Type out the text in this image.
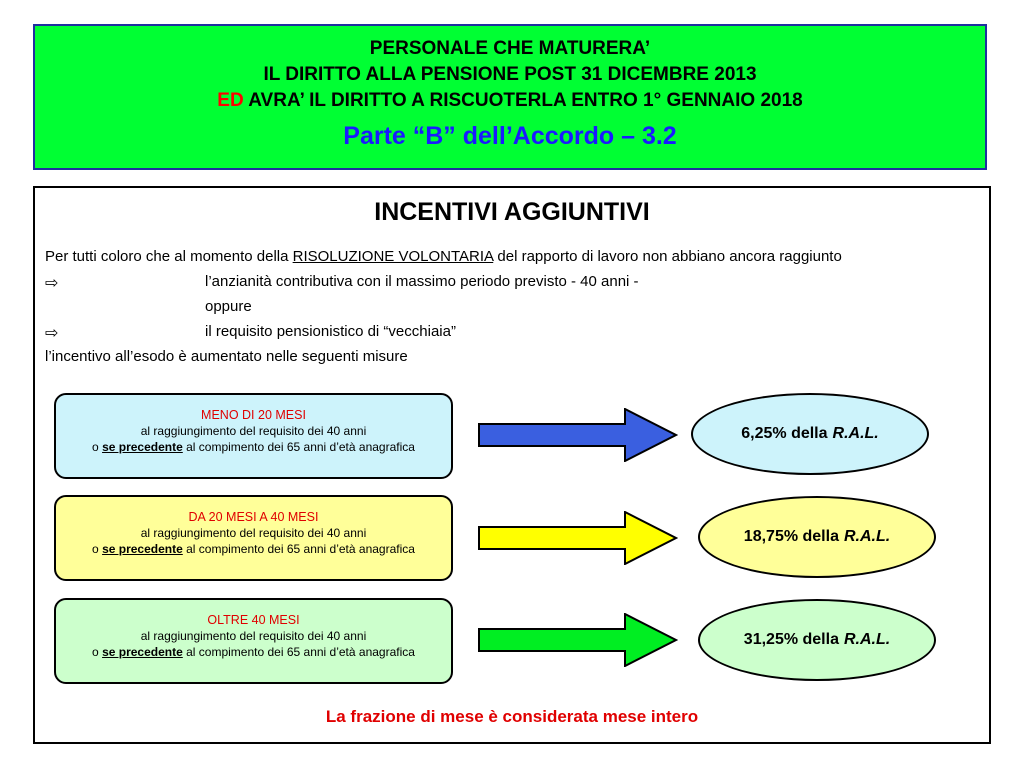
PERSONALE CHE MATURERA’
IL DIRITTO ALLA PENSIONE POST 31 DICEMBRE 2013
ED AVRA’ IL DIRITTO A RISCUOTERLA ENTRO 1° GENNAIO 2018
Parte “B” dell’Accordo – 3.2
INCENTIVI AGGIUNTIVI
Per tutti coloro che al momento della RISOLUZIONE VOLONTARIA del rapporto di lavoro non abbiano ancora raggiunto
⇨	l’anzianità contributiva con il massimo periodo previsto - 40 anni -
oppure
⇨	il requisito pensionistico di “vecchiaia”
l’incentivo all’esodo è aumentato nelle seguenti misure
MENO DI 20 MESI
al raggiungimento del requisito dei 40 anni
o se precedente al compimento dei 65 anni d’età anagrafica
6,25% della R.A.L.
DA 20 MESI A 40 MESI
al raggiungimento del requisito dei 40 anni
o se precedente al compimento dei 65 anni d’età anagrafica
18,75% della R.A.L.
OLTRE 40 MESI
al raggiungimento del requisito dei 40 anni
o se precedente al compimento dei 65 anni d’età anagrafica
31,25% della R.A.L.
La frazione di mese è considerata mese intero
